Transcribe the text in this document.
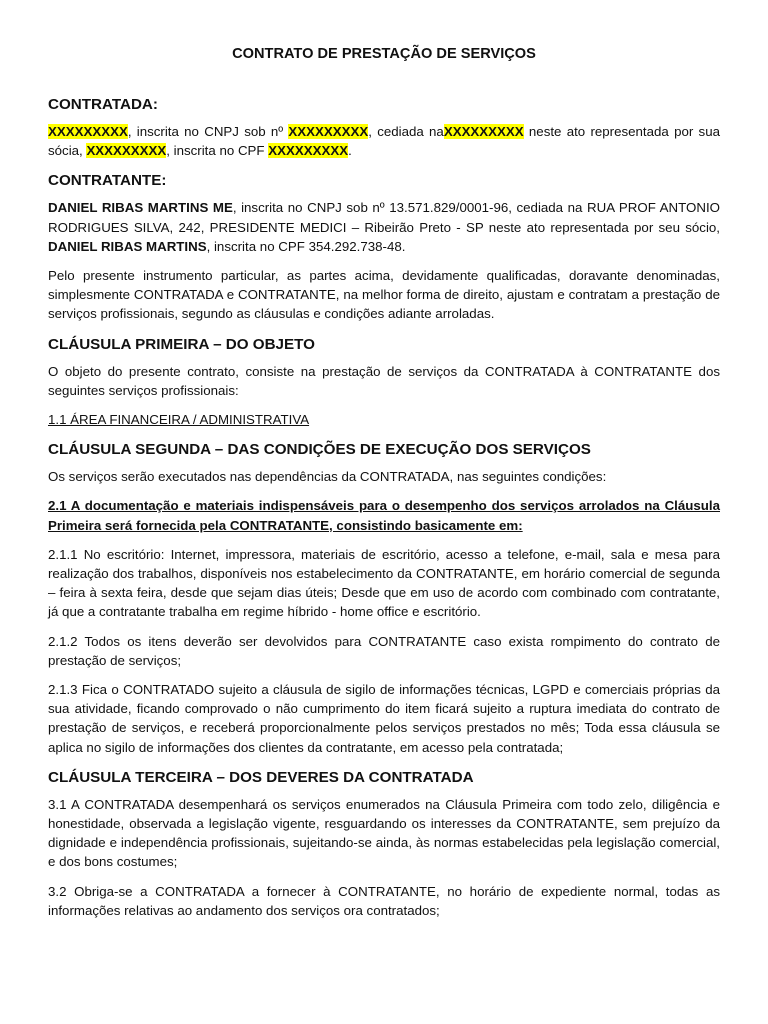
CONTRATO DE PRESTAÇÃO DE SERVIÇOS
CONTRATADA:

XXXXXXXXX, inscrita no CNPJ sob nº XXXXXXXXX, cediada naXXXXXXXXX neste ato representada por sua sócia, XXXXXXXXX, inscrita no CPF XXXXXXXXX.

CONTRATANTE:

DANIEL RIBAS MARTINS ME, inscrita no CNPJ sob nº 13.571.829/0001-96, cediada na RUA PROF ANTONIO RODRIGUES SILVA, 242, PRESIDENTE MEDICI – Ribeirão Preto - SP neste ato representada por seu sócio, DANIEL RIBAS MARTINS, inscrita no CPF 354.292.738-48.

Pelo presente instrumento particular, as partes acima, devidamente qualificadas, doravante denominadas, simplesmente CONTRATADA e CONTRATANTE, na melhor forma de direito, ajustam e contratam a prestação de serviços profissionais, segundo as cláusulas e condições adiante arroladas.

CLÁUSULA PRIMEIRA – DO OBJETO

O objeto do presente contrato, consiste na prestação de serviços da CONTRATADA à CONTRATANTE dos seguintes serviços profissionais:

1.1 ÁREA FINANCEIRA / ADMINISTRATIVA

CLÁUSULA SEGUNDA – DAS CONDIÇÕES DE EXECUÇÃO DOS SERVIÇOS

Os serviços serão executados nas dependências da CONTRATADA, nas seguintes condições:

2.1 A documentação e materiais indispensáveis para o desempenho dos serviços arrolados na Cláusula Primeira será fornecida pela CONTRATANTE, consistindo basicamente em:

2.1.1 No escritório: Internet, impressora, materiais de escritório, acesso a telefone, e-mail, sala e mesa para realização dos trabalhos, disponíveis nos estabelecimento da CONTRATANTE, em horário comercial de segunda – feira à sexta feira, desde que sejam dias úteis; Desde que em uso de acordo com combinado com contratante, já que a contratante trabalha em regime híbrido - home office e escritório.

2.1.2 Todos os itens deverão ser devolvidos para CONTRATANTE caso exista rompimento do contrato de prestação de serviços;

2.1.3 Fica o CONTRATADO sujeito a cláusula de sigilo de informações técnicas, LGPD e comerciais próprias da sua atividade, ficando comprovado o não cumprimento do item ficará sujeito a ruptura imediata do contrato de prestação de serviços, e receberá proporcionalmente pelos serviços prestados no mês; Toda essa cláusula se aplica no sigilo de informações dos clientes da contratante, em acesso pela contratada;

CLÁUSULA TERCEIRA – DOS DEVERES DA CONTRATADA

3.1 A CONTRATADA desempenhará os serviços enumerados na Cláusula Primeira com todo zelo, diligência e honestidade, observada a legislação vigente, resguardando os interesses da CONTRATANTE, sem prejuízo da dignidade e independência profissionais, sujeitando-se ainda, às normas estabelecidas pela legislação comercial, e dos bons costumes;

3.2 Obriga-se a CONTRATADA a fornecer à CONTRATANTE, no horário de expediente normal, todas as informações relativas ao andamento dos serviços ora contratados;
